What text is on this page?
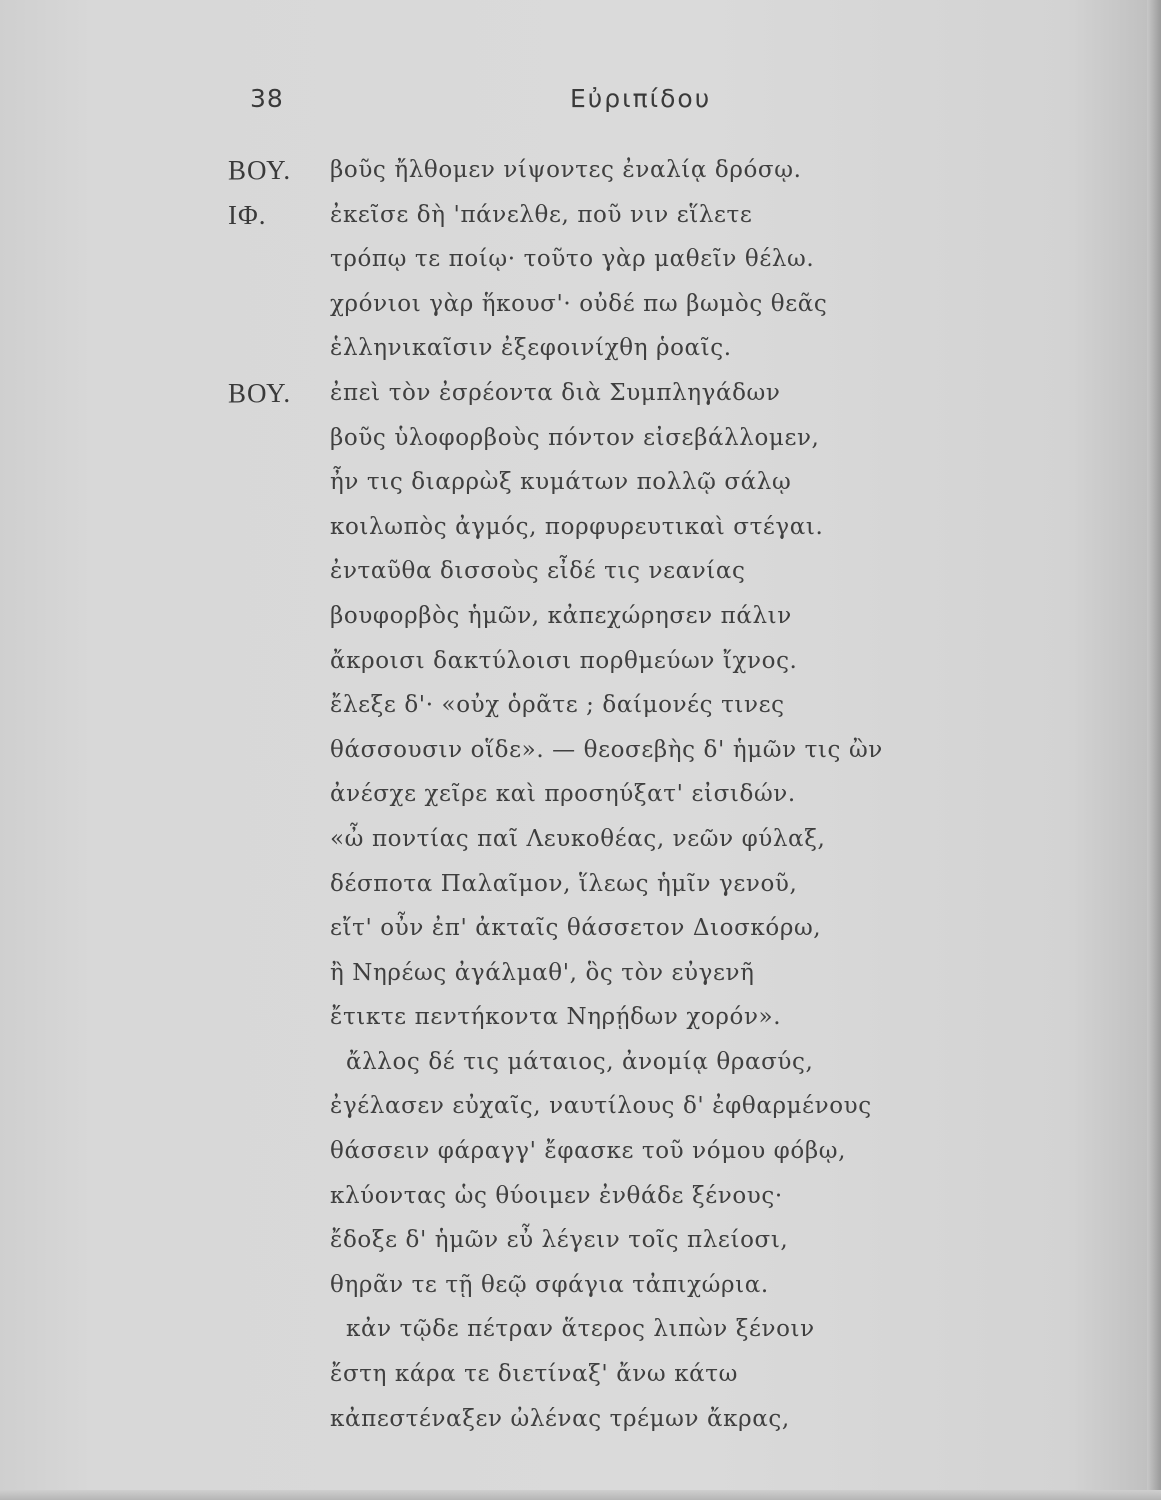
38	Εὐριπίδου
ΒΟΥ. βοῦς ἤλθομεν νίψοντες ἐναλίᾳ δρόσῳ.
ΙΦ.	ἐκεῖσε δὴ 'πάνελθε, ποῦ νιν εἵλετε
τρόπῳ τε ποίῳ· τοῦτο γὰρ μαθεῖν θέλω.
χρόνιοι γὰρ ἥκουσ'· οὐδέ πω βωμὸς θεᾶς
ἑλληνικαῖσιν ἐξεφοινίχθη ῥοαῖς.
ΒΟΥ. ἐπεὶ τὸν ἐσρέοντα διὰ Συμπληγάδων
βοῦς ὑλοφορβοὺς πόντον εἰσεβάλλομεν,
ἦν τις διαρρὼξ κυμάτων πολλῷ σάλῳ
κοιλωπὸς ἀγμός, πορφυρευτικαὶ στέγαι.
ἐνταῦθα δισσοὺς εἶδέ τις νεανίας
βουφορβὸς ἡμῶν, κἀπεχώρησεν πάλιν
ἄκροισι δακτύλοισι πορθμεύων ἴχνος.
ἔλεξε δ'· «οὐχ ὁρᾶτε ; δαίμονές τινες
θάσσουσιν οἵδε». — θεοσεβὴς δ' ἡμῶν τις ὢν
ἀνέσχε χεῖρε καὶ προσηύξατ' εἰσιδών.
«ὦ ποντίας παῖ Λευκοθέας, νεῶν φύλαξ,
δέσποτα Παλαῖμον, ἵλεως ἡμῖν γενοῦ,
εἴτ' οὖν ἐπ' ἀκταῖς θάσσετον Διοσκόρω,
ἢ Νηρέως ἀγάλμαθ', ὃς τὸν εὐγενῆ
ἔτικτε πεντήκοντα Νηρῄδων χορόν».
ἄλλος δέ τις μάταιος, ἀνομίᾳ θρασύς,
ἐγέλασεν εὐχαῖς, ναυτίλους δ' ἐφθαρμένους
θάσσειν φάραγγ' ἔφασκε τοῦ νόμου φόβῳ,
κλύοντας ὡς θύοιμεν ἐνθάδε ξένους·
ἔδοξε δ' ἡμῶν εὖ λέγειν τοῖς πλείοσι,
θηρᾶν τε τῇ θεῷ σφάγια τἀπιχώρια.
κἀν τῷδε πέτραν ἅτερος λιπὼν ξένοιν
ἔστη κάρα τε διετίναξ' ἄνω κάτω
κἀπεστέναξεν ὠλένας τρέμων ἄκρας,
